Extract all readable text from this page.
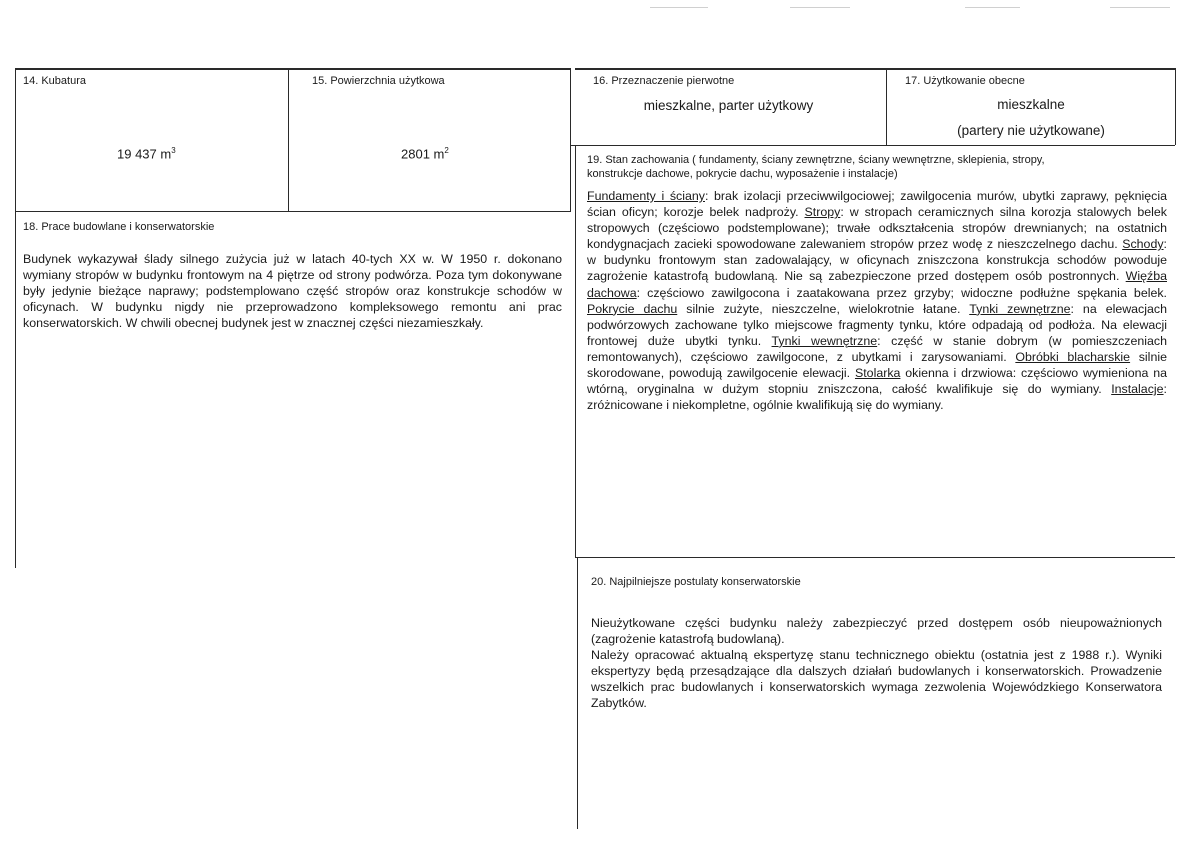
14. Kubatura
19 437 $m^3$
15. Powierzchnia użytkowa
2801 $m^2$
16. Przeznaczenie pierwotne
mieszkalne, parter użytkowy
17. Użytkowanie obecne
mieszkalne
(partery nie użytkowane)
18. Prace budowlane i konserwatorskie
Budynek wykazywał ślady silnego zużycia już w latach 40-tych XX w. W 1950 r. dokonano wymiany stropów w budynku frontowym na 4 piętrze od strony podwórza. Poza tym dokonywane były jedynie bieżące naprawy; podstemplowano część stropów oraz konstrukcje schodów w oficynach. W budynku nigdy nie przeprowadzono kompleksowego remontu ani prac konserwatorskich. W chwili obecnej budynek jest w znacznej części niezamieszkały.
19. Stan zachowania ( fundamenty, ściany zewnętrzne, ściany wewnętrzne, sklepienia, stropy,
konstrukcje dachowe, pokrycie dachu, wyposażenie i instalacje)
Fundamenty i ściany: brak izolacji przeciwwilgociowej; zawilgocenia murów, ubytki zaprawy, pęknięcia ścian oficyn; korozje belek nadproży. Stropy: w stropach ceramicznych silna korozja stalowych belek stropowych (częściowo podstemplowane); trwałe odkształcenia stropów drewnianych; na ostatnich kondygnacjach zacieki spowodowane zalewaniem stropów przez wodę z nieszczelnego dachu. Schody: w budynku frontowym stan zadowalający, w oficynach zniszczona konstrukcja schodów powoduje zagrożenie katastrofą budowlaną. Nie są zabezpieczone przed dostępem osób postronnych. Więźba dachowa: częściowo zawilgocona i zaatakowana przez grzyby; widoczne podłużne spękania belek. Pokrycie dachu silnie zużyte, nieszczelne, wielokrotnie łatane. Tynki zewnętrzne: na elewacjach podwórzowych zachowane tylko miejscowe fragmenty tynku, które odpadają od podłoża. Na elewacji frontowej duże ubytki tynku. Tynki wewnętrzne: część w stanie dobrym (w pomieszczeniach remontowanych), częściowo zawilgocone, z ubytkami i zarysowaniami. Obróbki blacharskie silnie skorodowane, powodują zawilgocenie elewacji. Stolarka okienna i drzwiowa: częściowo wymieniona na wtórną, oryginalna w dużym stopniu zniszczona, całość kwalifikuje się do wymiany. Instalacje: zróżnicowane i niekompletne, ogólnie kwalifikują się do wymiany.
20. Najpilniejsze postulaty konserwatorskie

Nieużytkowane części budynku należy zabezpieczyć przed dostępem osób nieupoważnionych (zagrożenie katastrofą budowlaną).

Należy opracować aktualną ekspertyzę stanu technicznego obiektu (ostatnia jest z 1988 r.). Wyniki ekspertyzy będą przesądzające dla dalszych działań budowlanych i konserwatorskich. Prowadzenie wszelkich prac budowlanych i konserwatorskich wymaga zezwolenia Wojewódzkiego Konserwatora Zabytków.
